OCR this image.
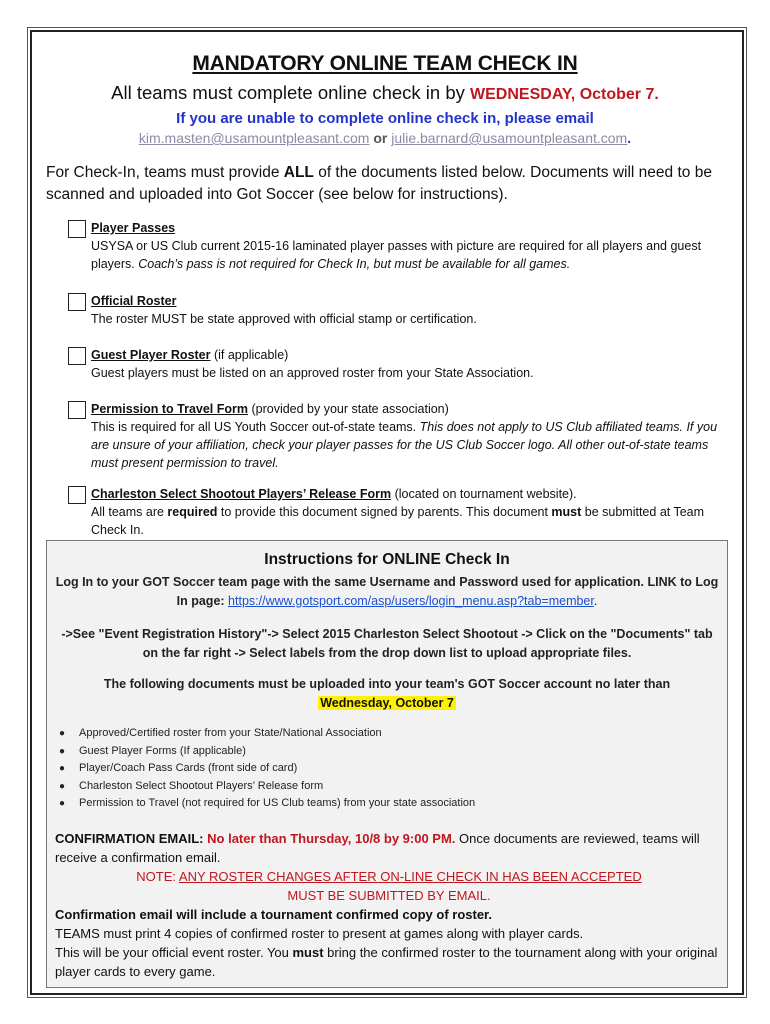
MANDATORY ONLINE TEAM CHECK IN
All teams must complete online check in by WEDNESDAY, October 7.
If you are unable to complete online check in, please email
kim.masten@usamountpleasant.com or julie.barnard@usamountpleasant.com.
For Check-In, teams must provide ALL of the documents listed below. Documents will need to be scanned and uploaded into Got Soccer (see below for instructions).
Player Passes
USYSA or US Club current 2015-16 laminated player passes with picture are required for all players and guest players. Coach’s pass is not required for Check In, but must be available for all games.
Official Roster
The roster MUST be state approved with official stamp or certification.
Guest Player Roster (if applicable)
Guest players must be listed on an approved roster from your State Association.
Permission to Travel Form (provided by your state association)
This is required for all US Youth Soccer out-of-state teams. This does not apply to US Club affiliated teams. If you are unsure of your affiliation, check your player passes for the US Club Soccer logo. All other out-of-state teams must present permission to travel.
Charleston Select Shootout Players’ Release Form (located on tournament website).
All teams are required to provide this document signed by parents. This document must be submitted at Team Check In.
Instructions for ONLINE Check In
Log In to your GOT Soccer team page with the same Username and Password used for application. LINK to Log In page: https://www.gotsport.com/asp/users/login_menu.asp?tab=member.
->See "Event Registration History"-> Select 2015 Charleston Select Shootout -> Click on the "Documents" tab on the far right -> Select labels from the drop down list to upload appropriate files.
The following documents must be uploaded into your team's GOT Soccer account no later than
Wednesday, October 7
● Approved/Certified roster from your State/National Association
● Guest Player Forms (If applicable)
● Player/Coach Pass Cards (front side of card)
● Charleston Select Shootout Players’ Release form
● Permission to Travel (not required for US Club teams) from your state association
CONFIRMATION EMAIL: No later than Thursday, 10/8 by 9:00 PM. Once documents are reviewed, teams will receive a confirmation email.
NOTE: ANY ROSTER CHANGES AFTER ON-LINE CHECK IN HAS BEEN ACCEPTED
MUST BE SUBMITTED BY EMAIL.
Confirmation email will include a tournament confirmed copy of roster.
TEAMS must print 4 copies of confirmed roster to present at games along with player cards.
This will be your official event roster. You must bring the confirmed roster to the tournament along with your original player cards to every game.
